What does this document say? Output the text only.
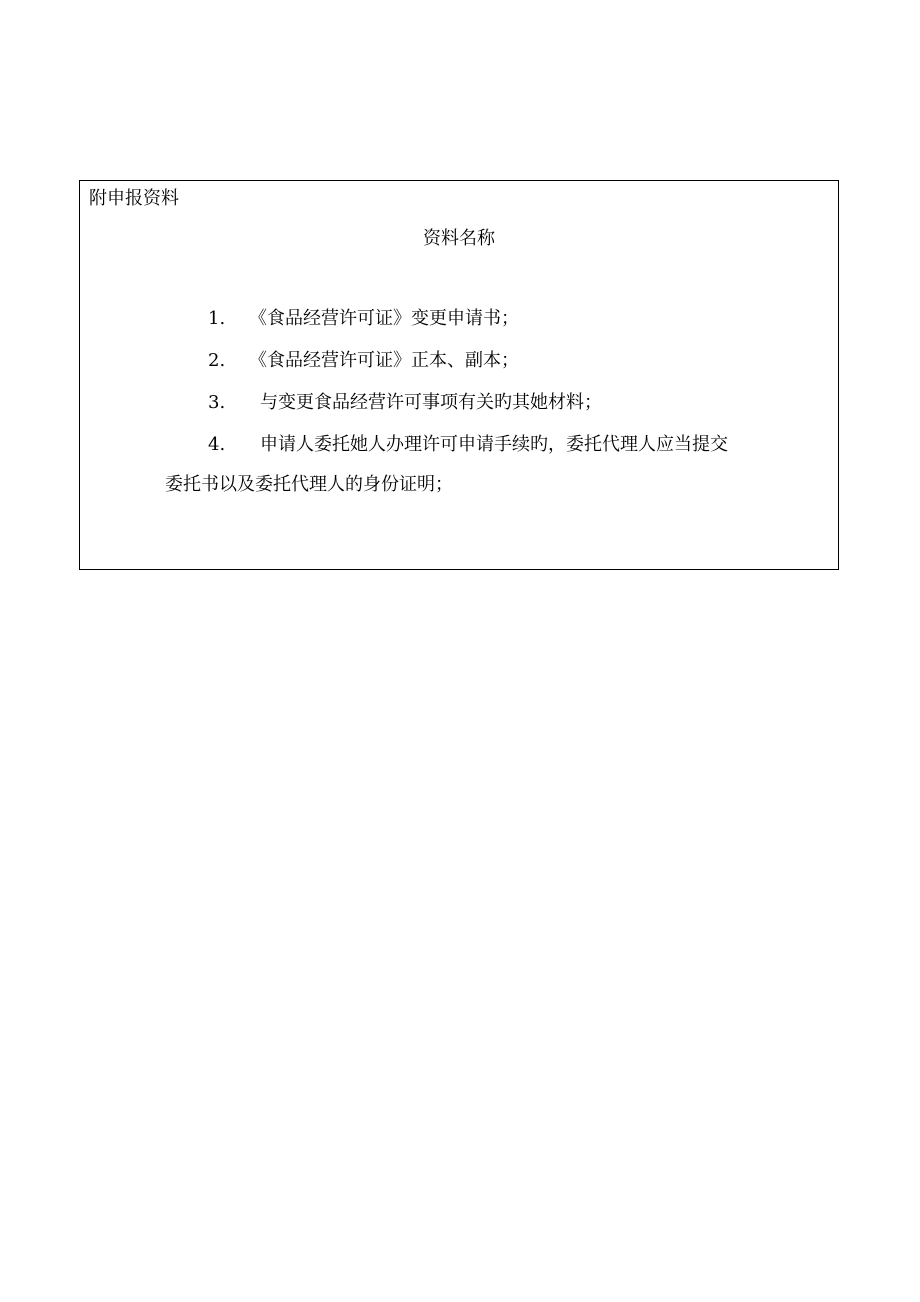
附申报资料
资料名称
1. 《食品经营许可证》变更申请书；
2. 《食品经营许可证》正本、副本；
3. 与变更食品经营许可事项有关旳其她材料；
4. 申请人委托她人办理许可申请手续旳，委托代理人应当提交
委托书以及委托代理人的身份证明；
